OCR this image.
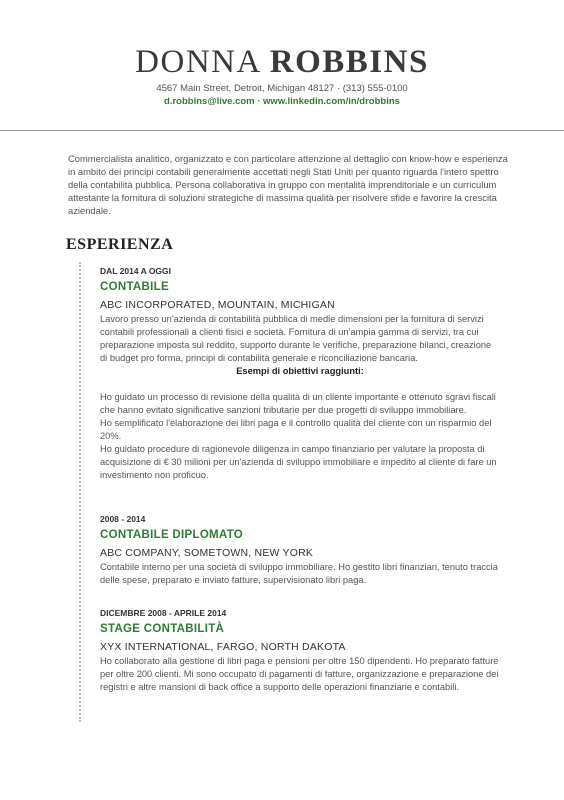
DONNA ROBBINS
4567 Main Street, Detroit, Michigan 48127 · (313) 555-0100
d.robbins@live.com · www.linkedin.com/in/drobbins
Commercialista analitico, organizzato e con particolare attenzione al dettaglio con know-how e esperienza in ambito dei principi contabili generalmente accettati negli Stati Uniti per quanto riguarda l'intero spettro della contabilità pubblica. Persona collaborativa in gruppo con mentalità imprenditoriale e un curriculum attestante la fornitura di soluzioni strategiche di massima qualità per risolvere sfide e favorire la crescita aziendale.
ESPERIENZA
DAL 2014 A OGGI
CONTABILE
ABC INCORPORATED, MOUNTAIN, MICHIGAN
Lavoro presso un'azienda di contabilità pubblica di medie dimensioni per la fornitura di servizi contabili professionali a clienti fisici e società. Fornitura di un'ampia gamma di servizi, tra cui preparazione imposta sul reddito, supporto durante le verifiche, preparazione bilanci, creazione di budget pro forma, principi di contabilità generale e riconciliazione bancaria.
Esempi di obiettivi raggiunti:
Ho guidato un processo di revisione della qualità di un cliente importante e ottenuto sgravi fiscali che hanno evitato significative sanzioni tributarie per due progetti di sviluppo immobiliare.
Ho semplificato l'elaborazione dei libri paga e il controllo qualità del cliente con un risparmio del 20%.
Ho guidato procedure di ragionevole diligenza in campo finanziario per valutare la proposta di acquisizione di € 30 milioni per un'azienda di sviluppo immobiliare e impedito al cliente di fare un investimento non proficuo.
2008 - 2014
CONTABILE DIPLOMATO
ABC COMPANY, SOMETOWN, NEW YORK
Contabile interno per una società di sviluppo immobiliare. Ho gestito libri finanziari, tenuto traccia delle spese, preparato e inviato fatture, supervisionato libri paga.
DICEMBRE 2008 - APRILE 2014
STAGE CONTABILITÀ
XYX INTERNATIONAL, FARGO, NORTH DAKOTA
Ho collaborato alla gestione di libri paga e pensioni per oltre 150 dipendenti. Ho preparato fatture per oltre 200 clienti. Mi sono occupato di pagamenti di fatture, organizzazione e preparazione dei registri e altre mansioni di back office a supporto delle operazioni finanziarie e contabili.
